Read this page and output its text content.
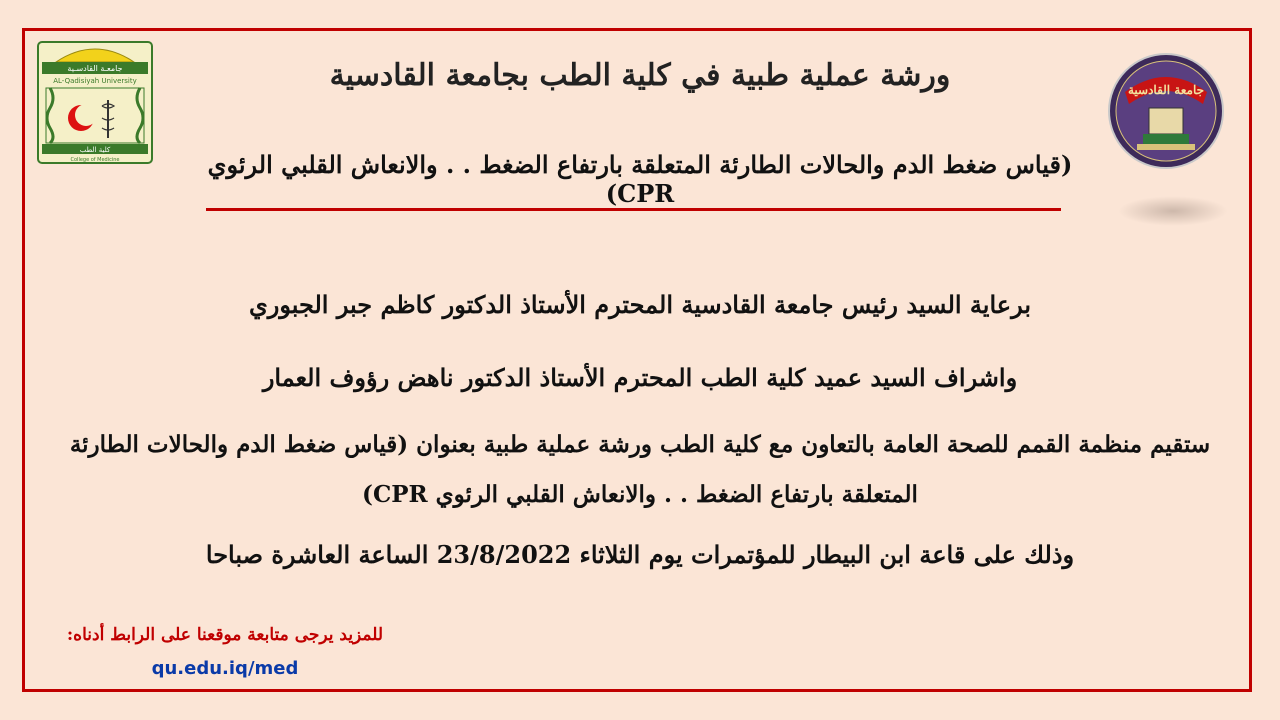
جامعـة القادسـية
AL-Qadisiyah University
كلية الطب
College of Medicine
جامعة القادسية
ورشة عملية طبية في كلية الطب بجامعة القادسية
(قياس ضغط الدم والحالات الطارئة المتعلقة بارتفاع الضغط . . والانعاش القلبي الرئوي CPR)
برعاية السيد رئيس جامعة القادسية المحترم الأستاذ الدكتور كاظم جبر الجبوري
واشراف السيد عميد كلية الطب المحترم الأستاذ الدكتور ناهض رؤوف العمار
ستقيم منظمة القمم للصحة العامة بالتعاون مع كلية الطب ورشة عملية طبية بعنوان (قياس ضغط الدم والحالات الطارئة المتعلقة بارتفاع الضغط . . والانعاش القلبي الرئوي CPR)
وذلك على قاعة ابن البيطار للمؤتمرات يوم الثلاثاء 23/8/2022 الساعة العاشرة صباحا
للمزيد يرجى متابعة موقعنا على الرابط أدناه:
qu.edu.iq/med
